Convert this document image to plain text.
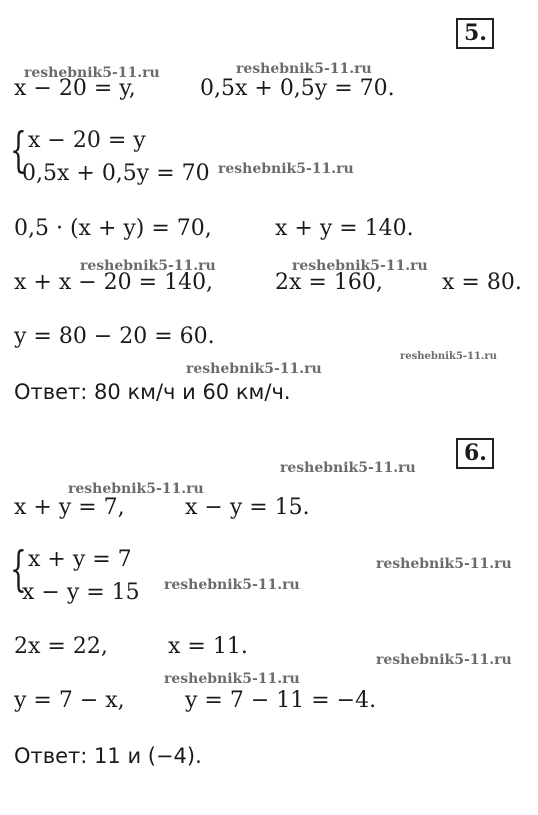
5.
x − 20 = y,	0,5x + 0,5y = 70.
{ x − 20 = y
0,5x + 0,5y = 70
0,5 · (x + y) = 70,	x + y = 140.
x + x − 20 = 140,	2x = 160,	x = 80.
y = 80 − 20 = 60.
Ответ: 80 км/ч и 60 км/ч.
6.
x + y = 7,	x − y = 15.
{ x + y = 7
x − y = 15
2x = 22,	x = 11.
y = 7 − x,	y = 7 − 11 = −4.
Ответ: 11 и (−4).
reshebnik5-11.ru	reshebnik5-11.ru
reshebnik5-11.ru
reshebnik5-11.ru	reshebnik5-11.ru
reshebnik5-11.ru
reshebnik5-11.ru
reshebnik5-11.ru
reshebnik5-11.ru
reshebnik5-11.ru
reshebnik5-11.ru
reshebnik5-11.ru
reshebnik5-11.ru
